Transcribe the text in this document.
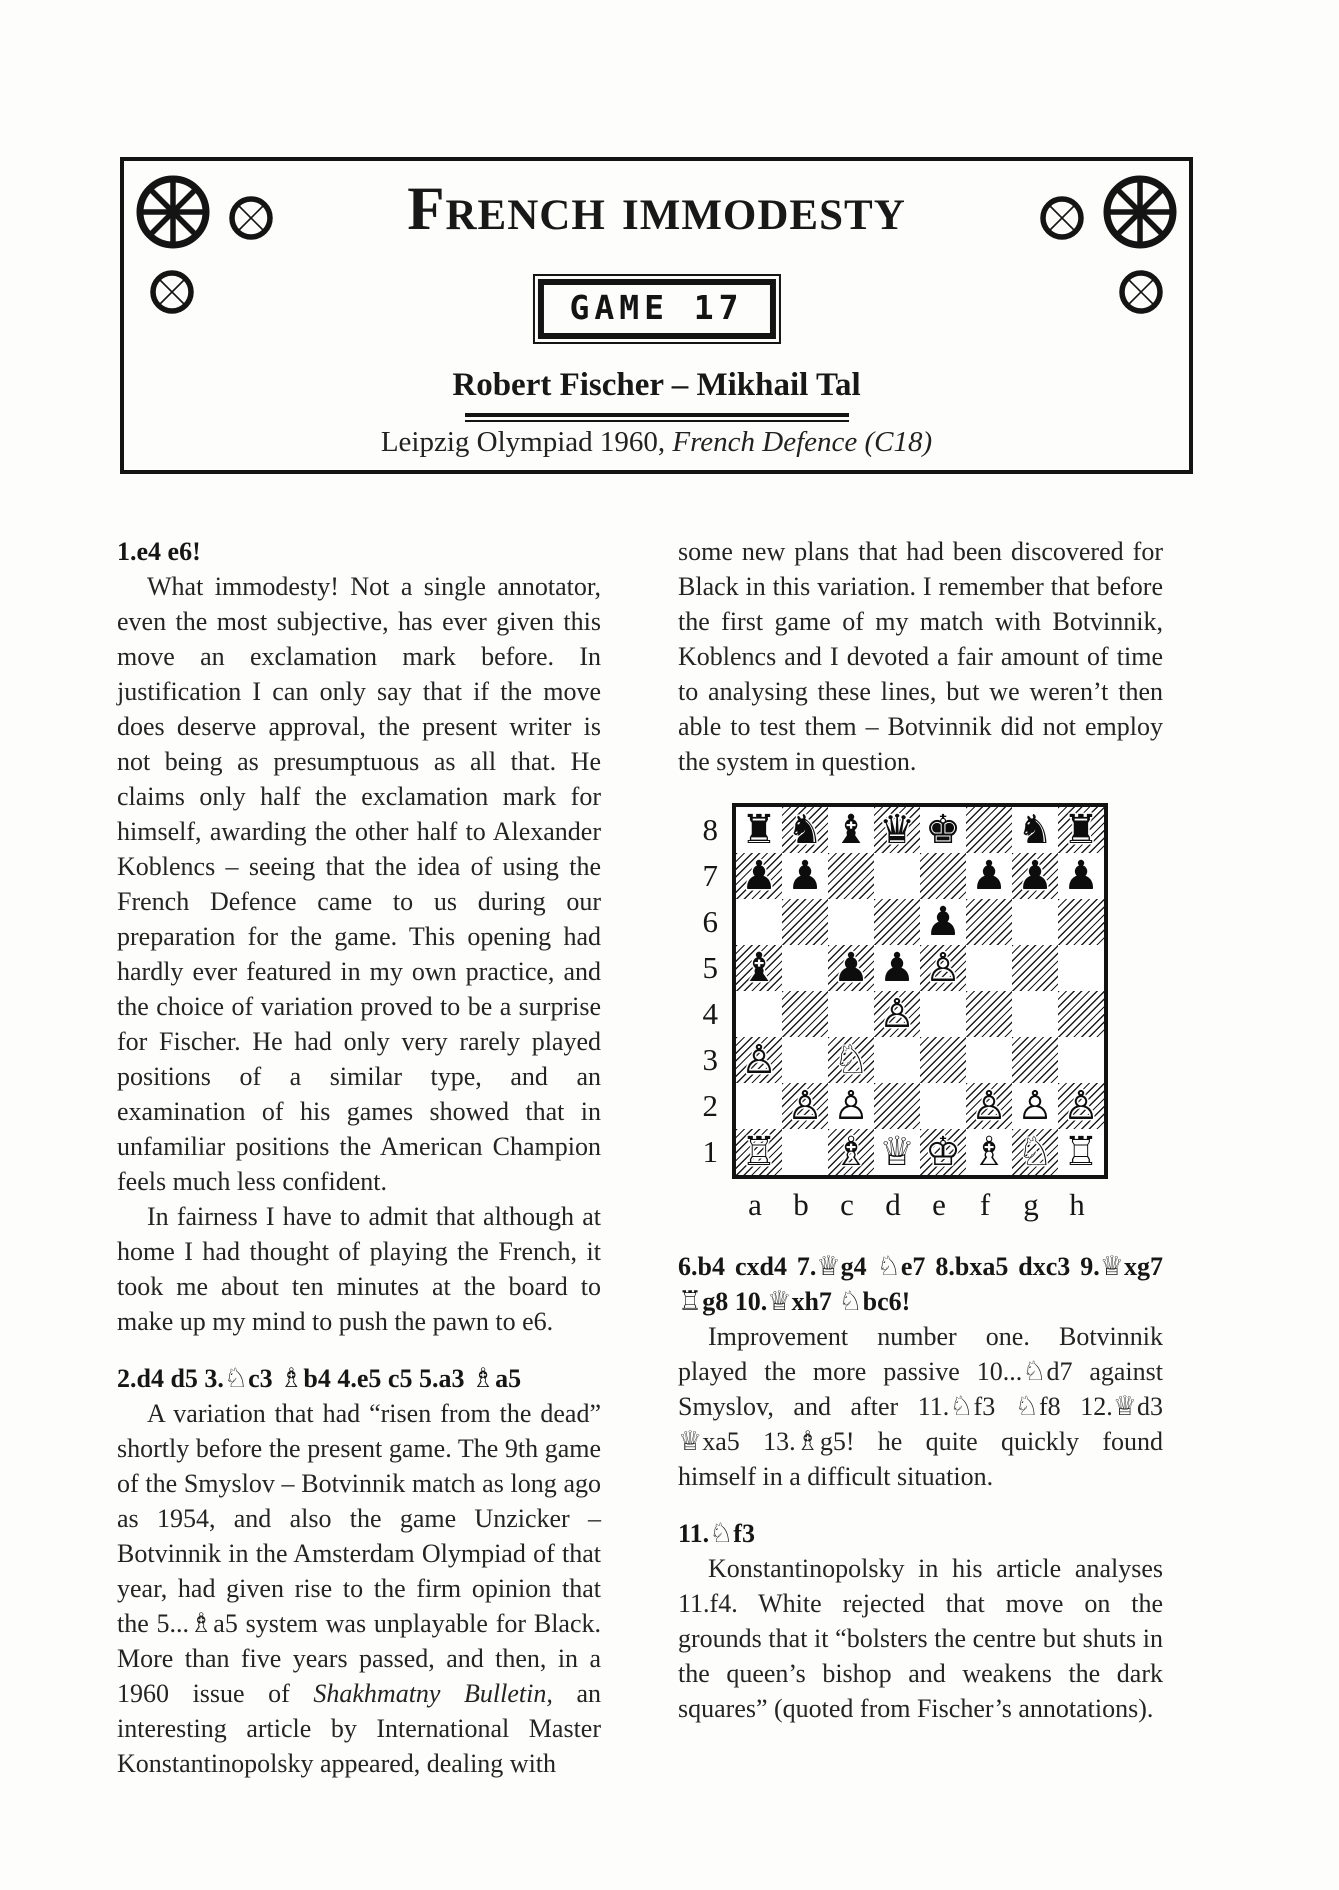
French immodesty
GAME 17
Robert Fischer – Mikhail Tal
Leipzig Olympiad 1960, French Defence (C18)
1.e4 e6!

What immodesty! Not a single annotator, even the most subjective, has ever given this move an exclamation mark before. In justification I can only say that if the move does deserve approval, the present writer is not being as presumptuous as all that. He claims only half the exclamation mark for himself, awarding the other half to Alexander Koblencs – seeing that the idea of using the French Defence came to us during our preparation for the game. This opening had hardly ever featured in my own practice, and the choice of variation proved to be a surprise for Fischer. He had only very rarely played positions of a similar type, and an examination of his games showed that in unfamiliar positions the American Champion feels much less confident.

In fairness I have to admit that although at home I had thought of playing the French, it took me about ten minutes at the board to make up my mind to push the pawn to e6.

2.d4 d5 3.♘c3 ♗b4 4.e5 c5 5.a3 ♗a5

A variation that had “risen from the dead” shortly before the present game. The 9th game of the Smyslov – Botvinnik match as long ago as 1954, and also the game Unzicker – Botvinnik in the Amsterdam Olympiad of that year, had given rise to the firm opinion that the 5...♗a5 system was unplayable for Black. More than five years passed, and then, in a 1960 issue of Shakhmatny Bulletin, an interesting article by International Master Konstantinopolsky appeared, dealing with

some new plans that had been discovered for Black in this variation. I remember that before the first game of my match with Botvinnik, Koblencs and I devoted a fair amount of time to analysing these lines, but we weren’t then able to test them – Botvinnik did not employ the system in question.

8
7
6
5
4
3
2
1
♜ ♞ ♝ ♛ ♚ ♞ ♜
♟ ♟	♟ ♟ ♟
♟
♝ ♟ ♟ ♙
♙
♙ ♘
♙ ♙	♙ ♙ ♙
♖ ♗ ♕ ♔ ♗ ♘ ♖
a	b	c	d	e	f	g h
6.b4 cxd4 7.♕g4 ♘e7 8.bxa5 dxc3 9.♕xg7 ♖g8 10.♕xh7 ♘bc6!

Improvement number one. Botvinnik played the more passive 10...♘d7 against Smyslov, and after 11.♘f3 ♘f8 12.♕d3 ♕xa5 13.♗g5! he quite quickly found himself in a difficult situation.

11.♘f3

Konstantinopolsky in his article analyses 11.f4. White rejected that move on the grounds that it “bolsters the centre but shuts in the queen’s bishop and weakens the dark squares” (quoted from Fischer’s annotations).
